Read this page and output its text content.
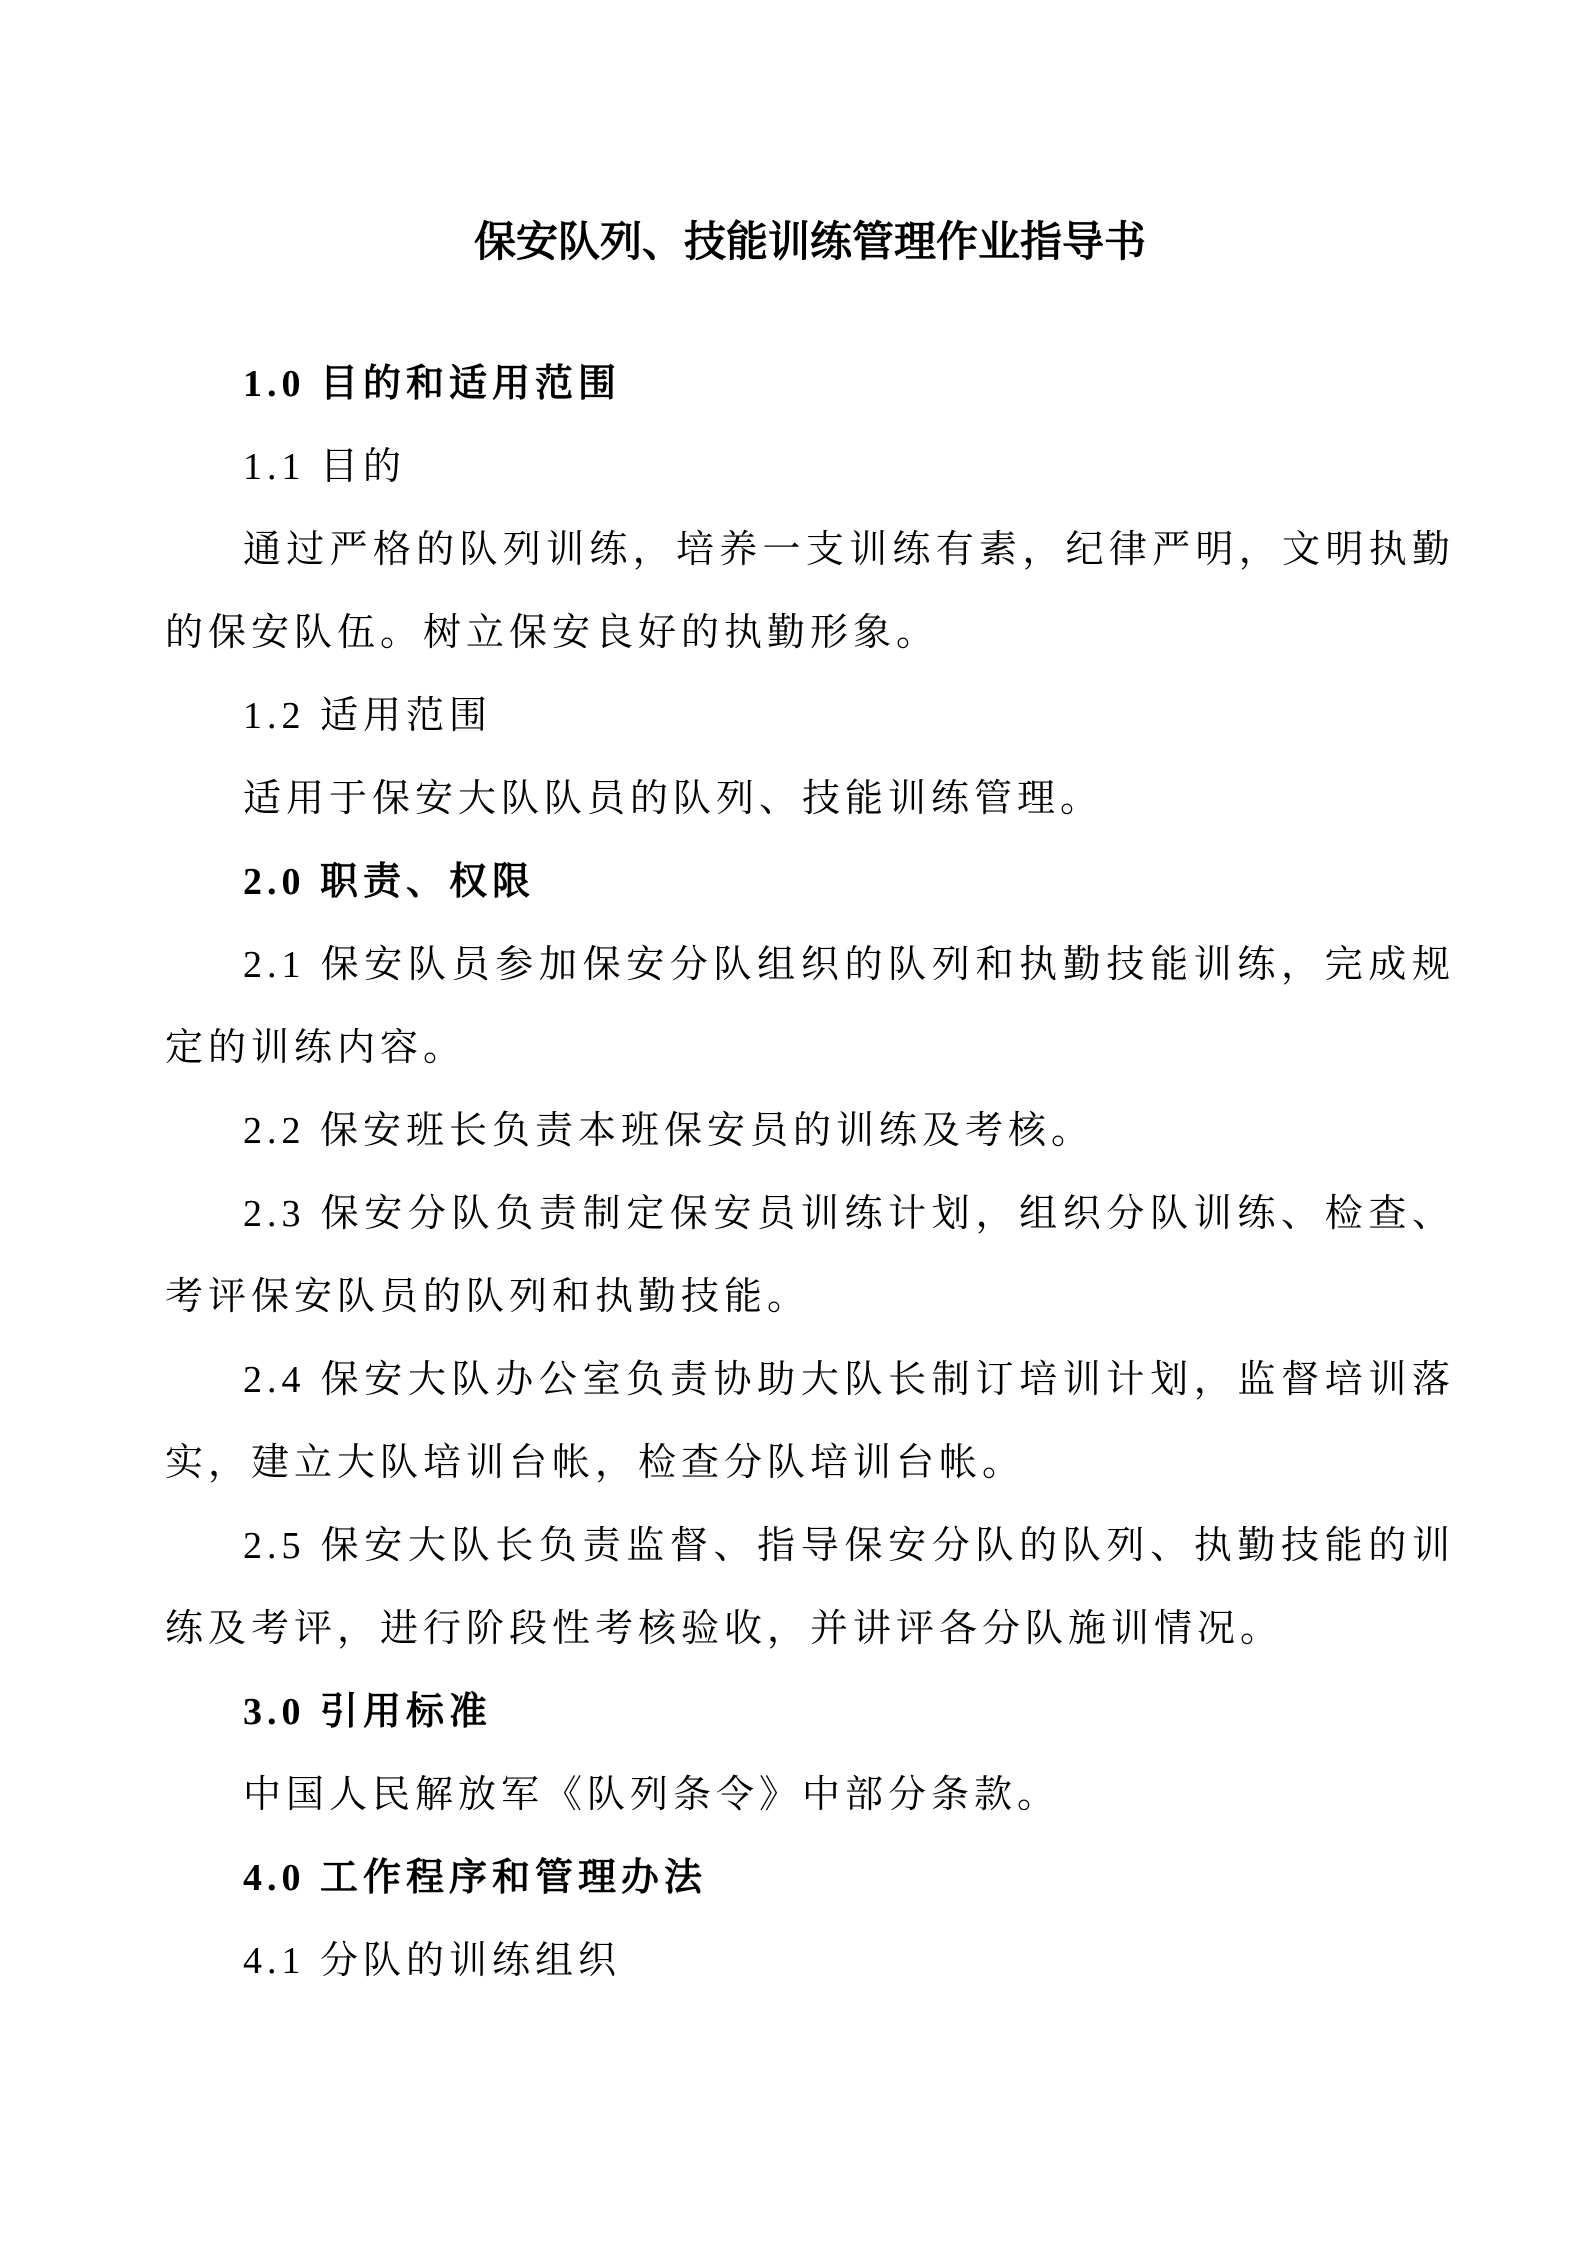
保安队列、技能训练管理作业指导书

1.0 目的和适用范围

1.1 目的

通过严格的队列训练，培养一支训练有素，纪律严明，文明执勤的保安队伍。树立保安良好的执勤形象。

1.2 适用范围

适用于保安大队队员的队列、技能训练管理。

2.0 职责、权限

2.1 保安队员参加保安分队组织的队列和执勤技能训练，完成规定的训练内容。

2.2 保安班长负责本班保安员的训练及考核。

2.3 保安分队负责制定保安员训练计划，组织分队训练、检查、考评保安队员的队列和执勤技能。

2.4 保安大队办公室负责协助大队长制订培训计划，监督培训落实，建立大队培训台帐，检查分队培训台帐。

2.5 保安大队长负责监督、指导保安分队的队列、执勤技能的训练及考评，进行阶段性考核验收，并讲评各分队施训情况。

3.0 引用标准

中国人民解放军《队列条令》中部分条款。

4.0 工作程序和管理办法

4.1 分队的训练组织
